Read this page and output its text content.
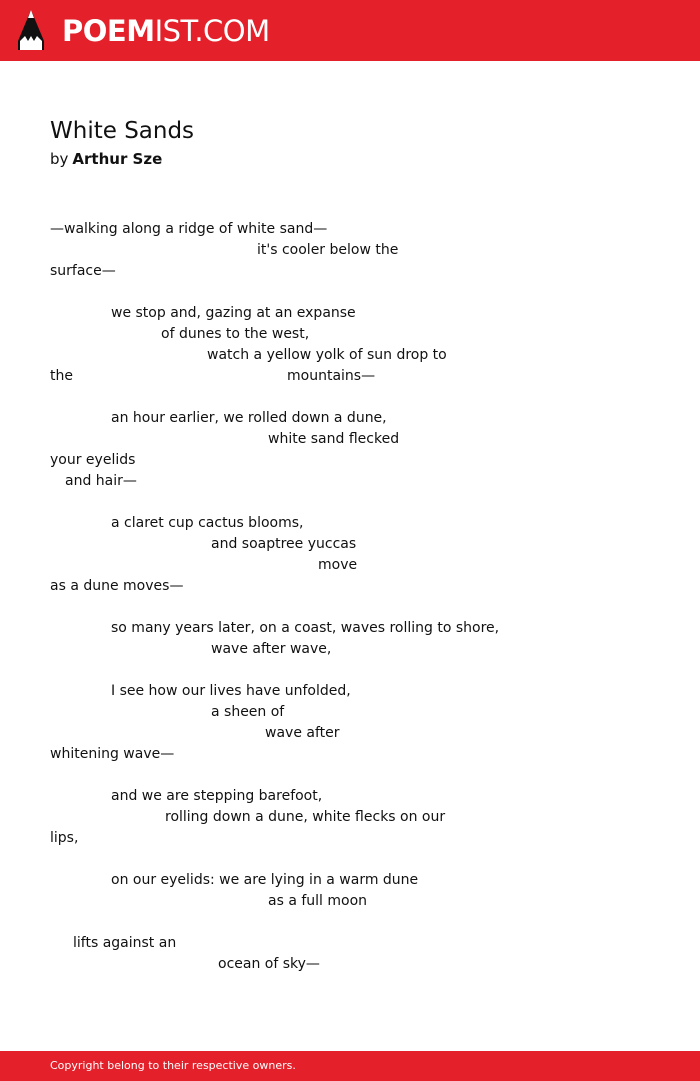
POEMIST.COM
White Sands
by Arthur Sze
—walking along a ridge of white sand—
it's cooler below the
surface—
we stop and, gazing at an expanse
of dunes to the west,
watch a yellow yolk of sun drop to
the	mountains—
an hour earlier, we rolled down a dune,
white sand flecked
your eyelids
and hair—
a claret cup cactus blooms,
and soaptree yuccas
move
as a dune moves—
so many years later, on a coast, waves rolling to shore,
wave after wave,
I see how our lives have unfolded,
a sheen of
wave after
whitening wave—
and we are stepping barefoot,
rolling down a dune, white flecks on our
lips,
on our eyelids: we are lying in a warm dune
as a full moon
lifts against an
ocean of sky—
Copyright belong to their respective owners.
